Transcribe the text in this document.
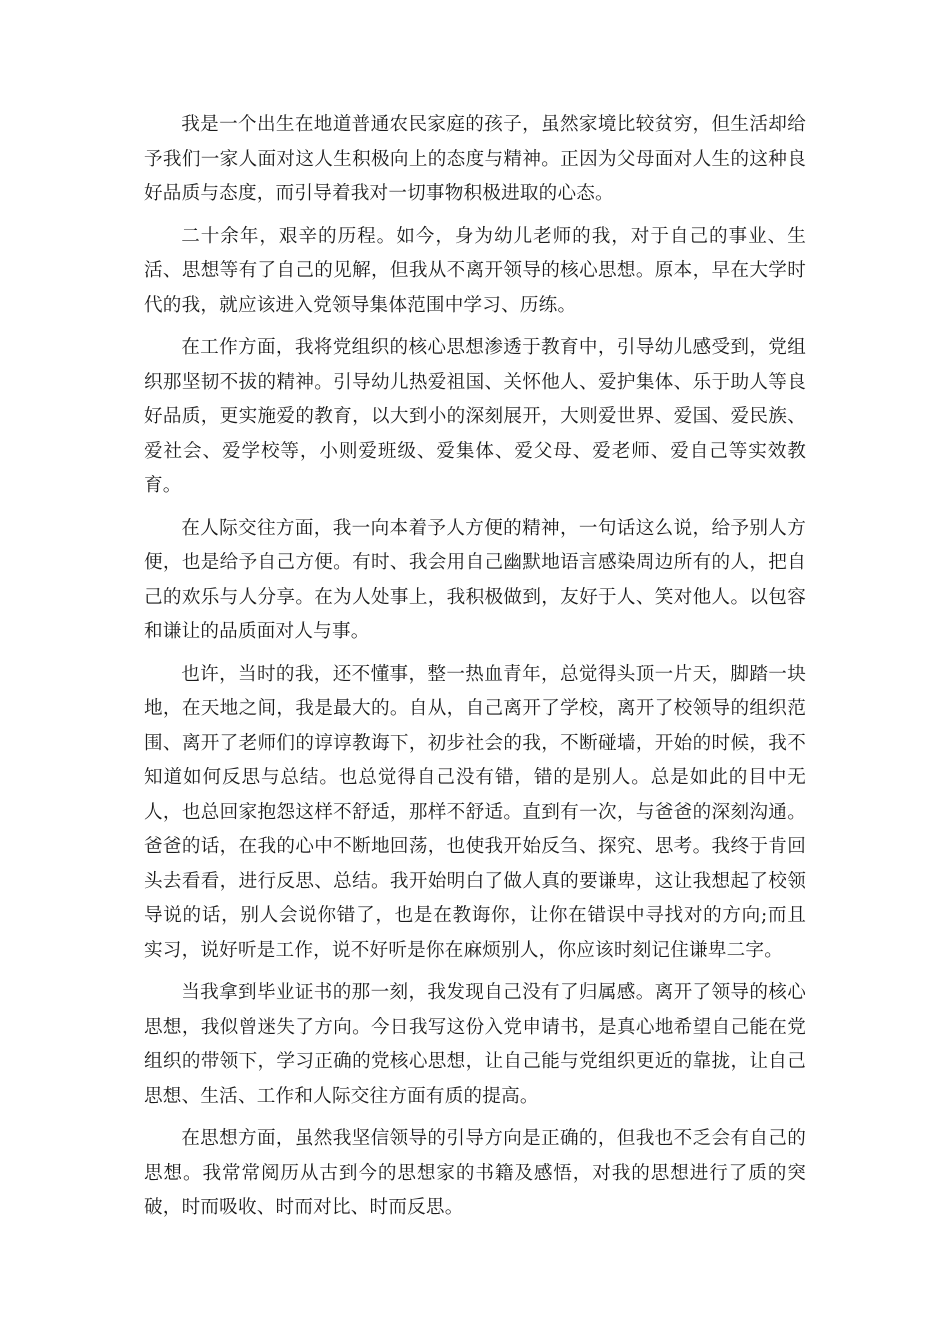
我是一个出生在地道普通农民家庭的孩子，虽然家境比较贫穷，但生活却给予我们一家人面对这人生积极向上的态度与精神。正因为父母面对人生的这种良好品质与态度，而引导着我对一切事物积极进取的心态。

二十余年，艰辛的历程。如今，身为幼儿老师的我，对于自己的事业、生活、思想等有了自己的见解，但我从不离开领导的核心思想。原本，早在大学时代的我，就应该进入党领导集体范围中学习、历练。

在工作方面，我将党组织的核心思想渗透于教育中，引导幼儿感受到，党组织那坚韧不拔的精神。引导幼儿热爱祖国、关怀他人、爱护集体、乐于助人等良好品质，更实施爱的教育，以大到小的深刻展开，大则爱世界、爱国、爱民族、爱社会、爱学校等，小则爱班级、爱集体、爱父母、爱老师、爱自己等实效教育。

在人际交往方面，我一向本着予人方便的精神，一句话这么说，给予别人方便，也是给予自己方便。有时、我会用自己幽默地语言感染周边所有的人，把自己的欢乐与人分享。在为人处事上，我积极做到，友好于人、笑对他人。以包容和谦让的品质面对人与事。

也许，当时的我，还不懂事，整一热血青年，总觉得头顶一片天，脚踏一块地，在天地之间，我是最大的。自从，自己离开了学校，离开了校领导的组织范围、离开了老师们的谆谆教诲下，初步社会的我，不断碰墙，开始的时候，我不知道如何反思与总结。也总觉得自己没有错，错的是别人。总是如此的目中无人，也总回家抱怨这样不舒适，那样不舒适。直到有一次，与爸爸的深刻沟通。爸爸的话，在我的心中不断地回荡，也使我开始反刍、探究、思考。我终于肯回头去看看，进行反思、总结。我开始明白了做人真的要谦卑，这让我想起了校领导说的话，别人会说你错了，也是在教诲你，让你在错误中寻找对的方向;而且实习，说好听是工作，说不好听是你在麻烦别人，你应该时刻记住谦卑二字。

当我拿到毕业证书的那一刻，我发现自己没有了归属感。离开了领导的核心思想，我似曾迷失了方向。今日我写这份入党申请书，是真心地希望自己能在党组织的带领下，学习正确的党核心思想，让自己能与党组织更近的靠拢，让自己思想、生活、工作和人际交往方面有质的提高。

在思想方面，虽然我坚信领导的引导方向是正确的，但我也不乏会有自己的思想。我常常阅历从古到今的思想家的书籍及感悟，对我的思想进行了质的突破，时而吸收、时而对比、时而反思。
